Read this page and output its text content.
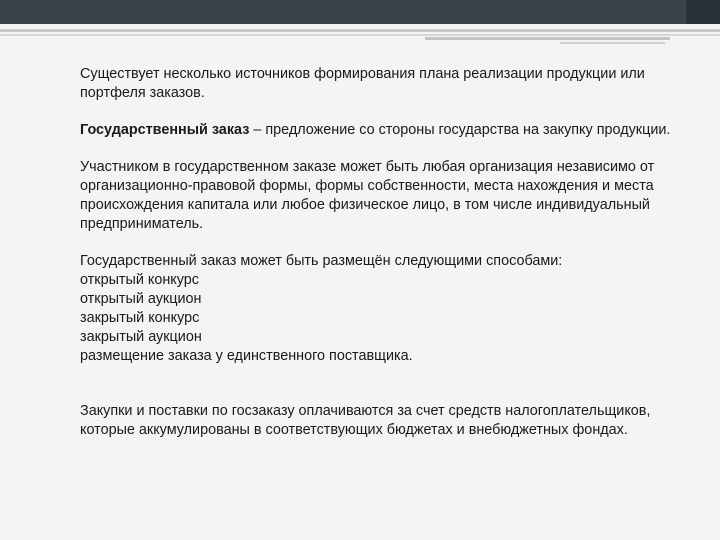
Существует несколько источников формирования плана реализации продукции или портфеля заказов.

Государственный заказ – предложение со стороны государства на закупку продукции.

Участником в государственном заказе может быть любая организация независимо от организационно-правовой формы, формы собственности, места нахождения и места происхождения капитала или любое физическое лицо, в том числе индивидуальный предприниматель.

Государственный заказ может быть размещён следующими способами:

открытый конкурс

открытый аукцион

закрытый конкурс

закрытый аукцион

размещение заказа у единственного поставщика.

Закупки и поставки по госзаказу оплачиваются за счет средств налогоплательщиков, которые аккумулированы в соответствующих бюджетах и внебюджетных фондах.
